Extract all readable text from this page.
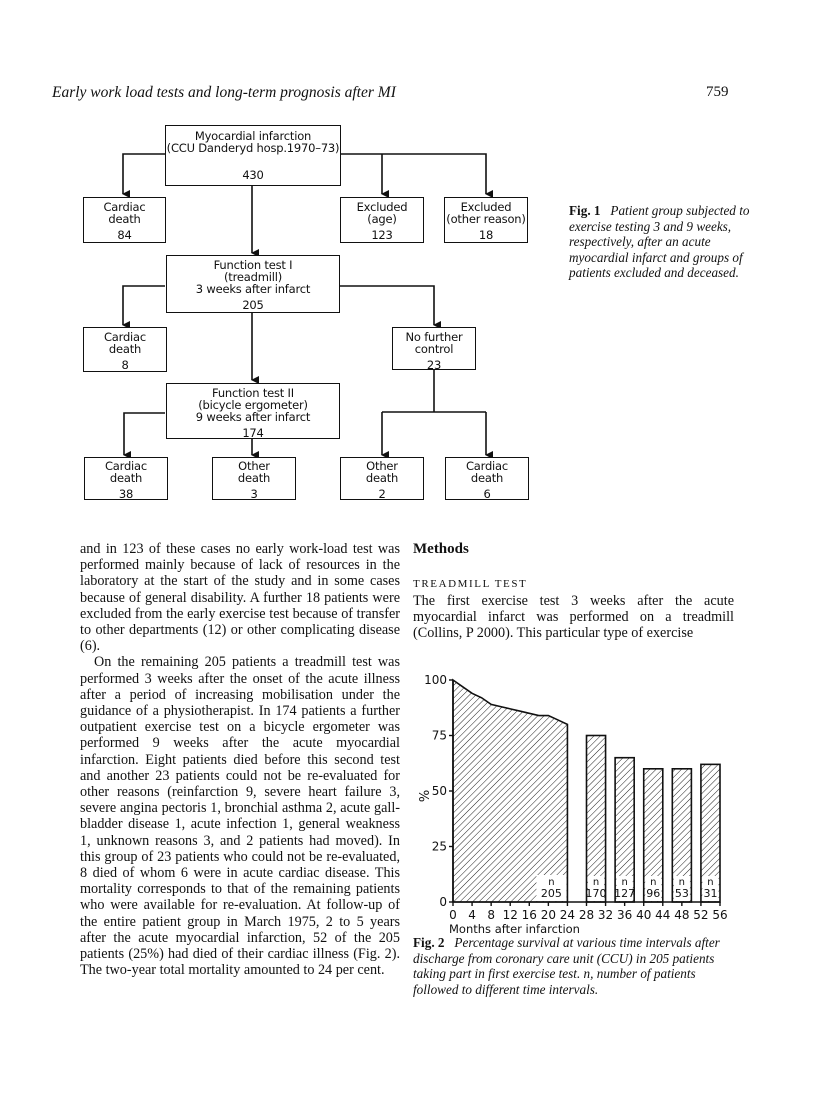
Early work load tests and long-term prognosis after MI	759
Myocardial infarction
(CCU Danderyd hosp.1970–73)
430
Cardiac
death
84
Excluded
(age)
123
Excluded
(other reason)
18
Function test I
(treadmill)
3 weeks after infarct
205
Cardiac
death
8
No further
control
23
Function test II
(bicycle ergometer)
9 weeks after infarct
174
Cardiac
death
38
Other
death
3
Other
death
2
Cardiac
death
6
Fig. 1 Patient group subjected to exercise testing 3 and 9 weeks, respectively, after an acute myocardial infarct and groups of patients excluded and deceased.

and in 123 of these cases no early work-load test was performed mainly because of lack of resources in the laboratory at the start of the study and in some cases because of general disability. A further 18 patients were excluded from the early exercise test because of transfer to other departments (12) or other complicating disease (6).

On the remaining 205 patients a treadmill test was performed 3 weeks after the onset of the acute illness after a period of increasing mobilisation under the guidance of a physiotherapist. In 174 patients a further outpatient exercise test on a bicycle ergometer was performed 9 weeks after the acute myocardial infarction. Eight patients died before this second test and another 23 patients could not be re-evaluated for other reasons (reinfarction 9, severe heart failure 3, severe angina pectoris 1, bronchial asthma 2, acute gall-bladder disease 1, acute infection 1, general weakness 1, unknown reasons 3, and 2 patients had moved). In this group of 23 patients who could not be re-evaluated, 8 died of whom 6 were in acute cardiac disease. This mortality corresponds to that of the remaining patients who were available for re-evaluation. At follow-up of the entire patient group in March 1975, 2 to 5 years after the acute myocardial infarction, 52 of the 205 patients (25%) had died of their cardiac illness (Fig. 2). The two-year total mortality amounted to 24 per cent.

Methods
TREADMILL TEST

The first exercise test 3 weeks after the acute myocardial infarct was performed on a treadmill (Collins, P 2000). This particular type of exercise

n
205
n
170
n
127
n
96
n
53
n
31
0
25
50
75
100
0 4 8 12 16 20 24 28 32 36 40 44 48 52 56
%
Months after infarction
Fig. 2 Percentage survival at various time intervals after discharge from coronary care unit (CCU) in 205 patients taking part in first exercise test. n, number of patients followed to different time intervals.
